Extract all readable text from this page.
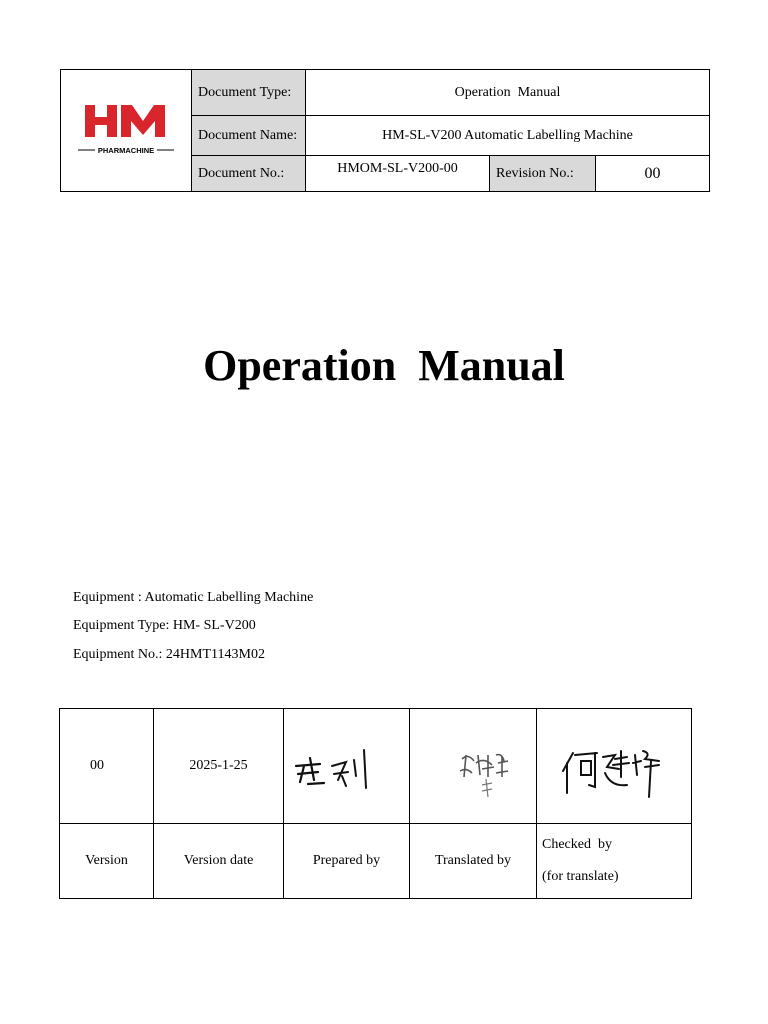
PHARMACHINE	Document Type:	Operation  Manual		
	Document Name:	HM-SL-V200 Automatic Labelling Machine		
	Document No.:	HMOM-SL-V200-00	Revision No.:	00
Operation  Manual
Equipment : Automatic Labelling Machine
Equipment Type: HM- SL-V200
Equipment No.: 24HMT1143M02
00	2025-1-25	

Version	Version date	Prepared by	Translated by	Checked  by
(for translate)
